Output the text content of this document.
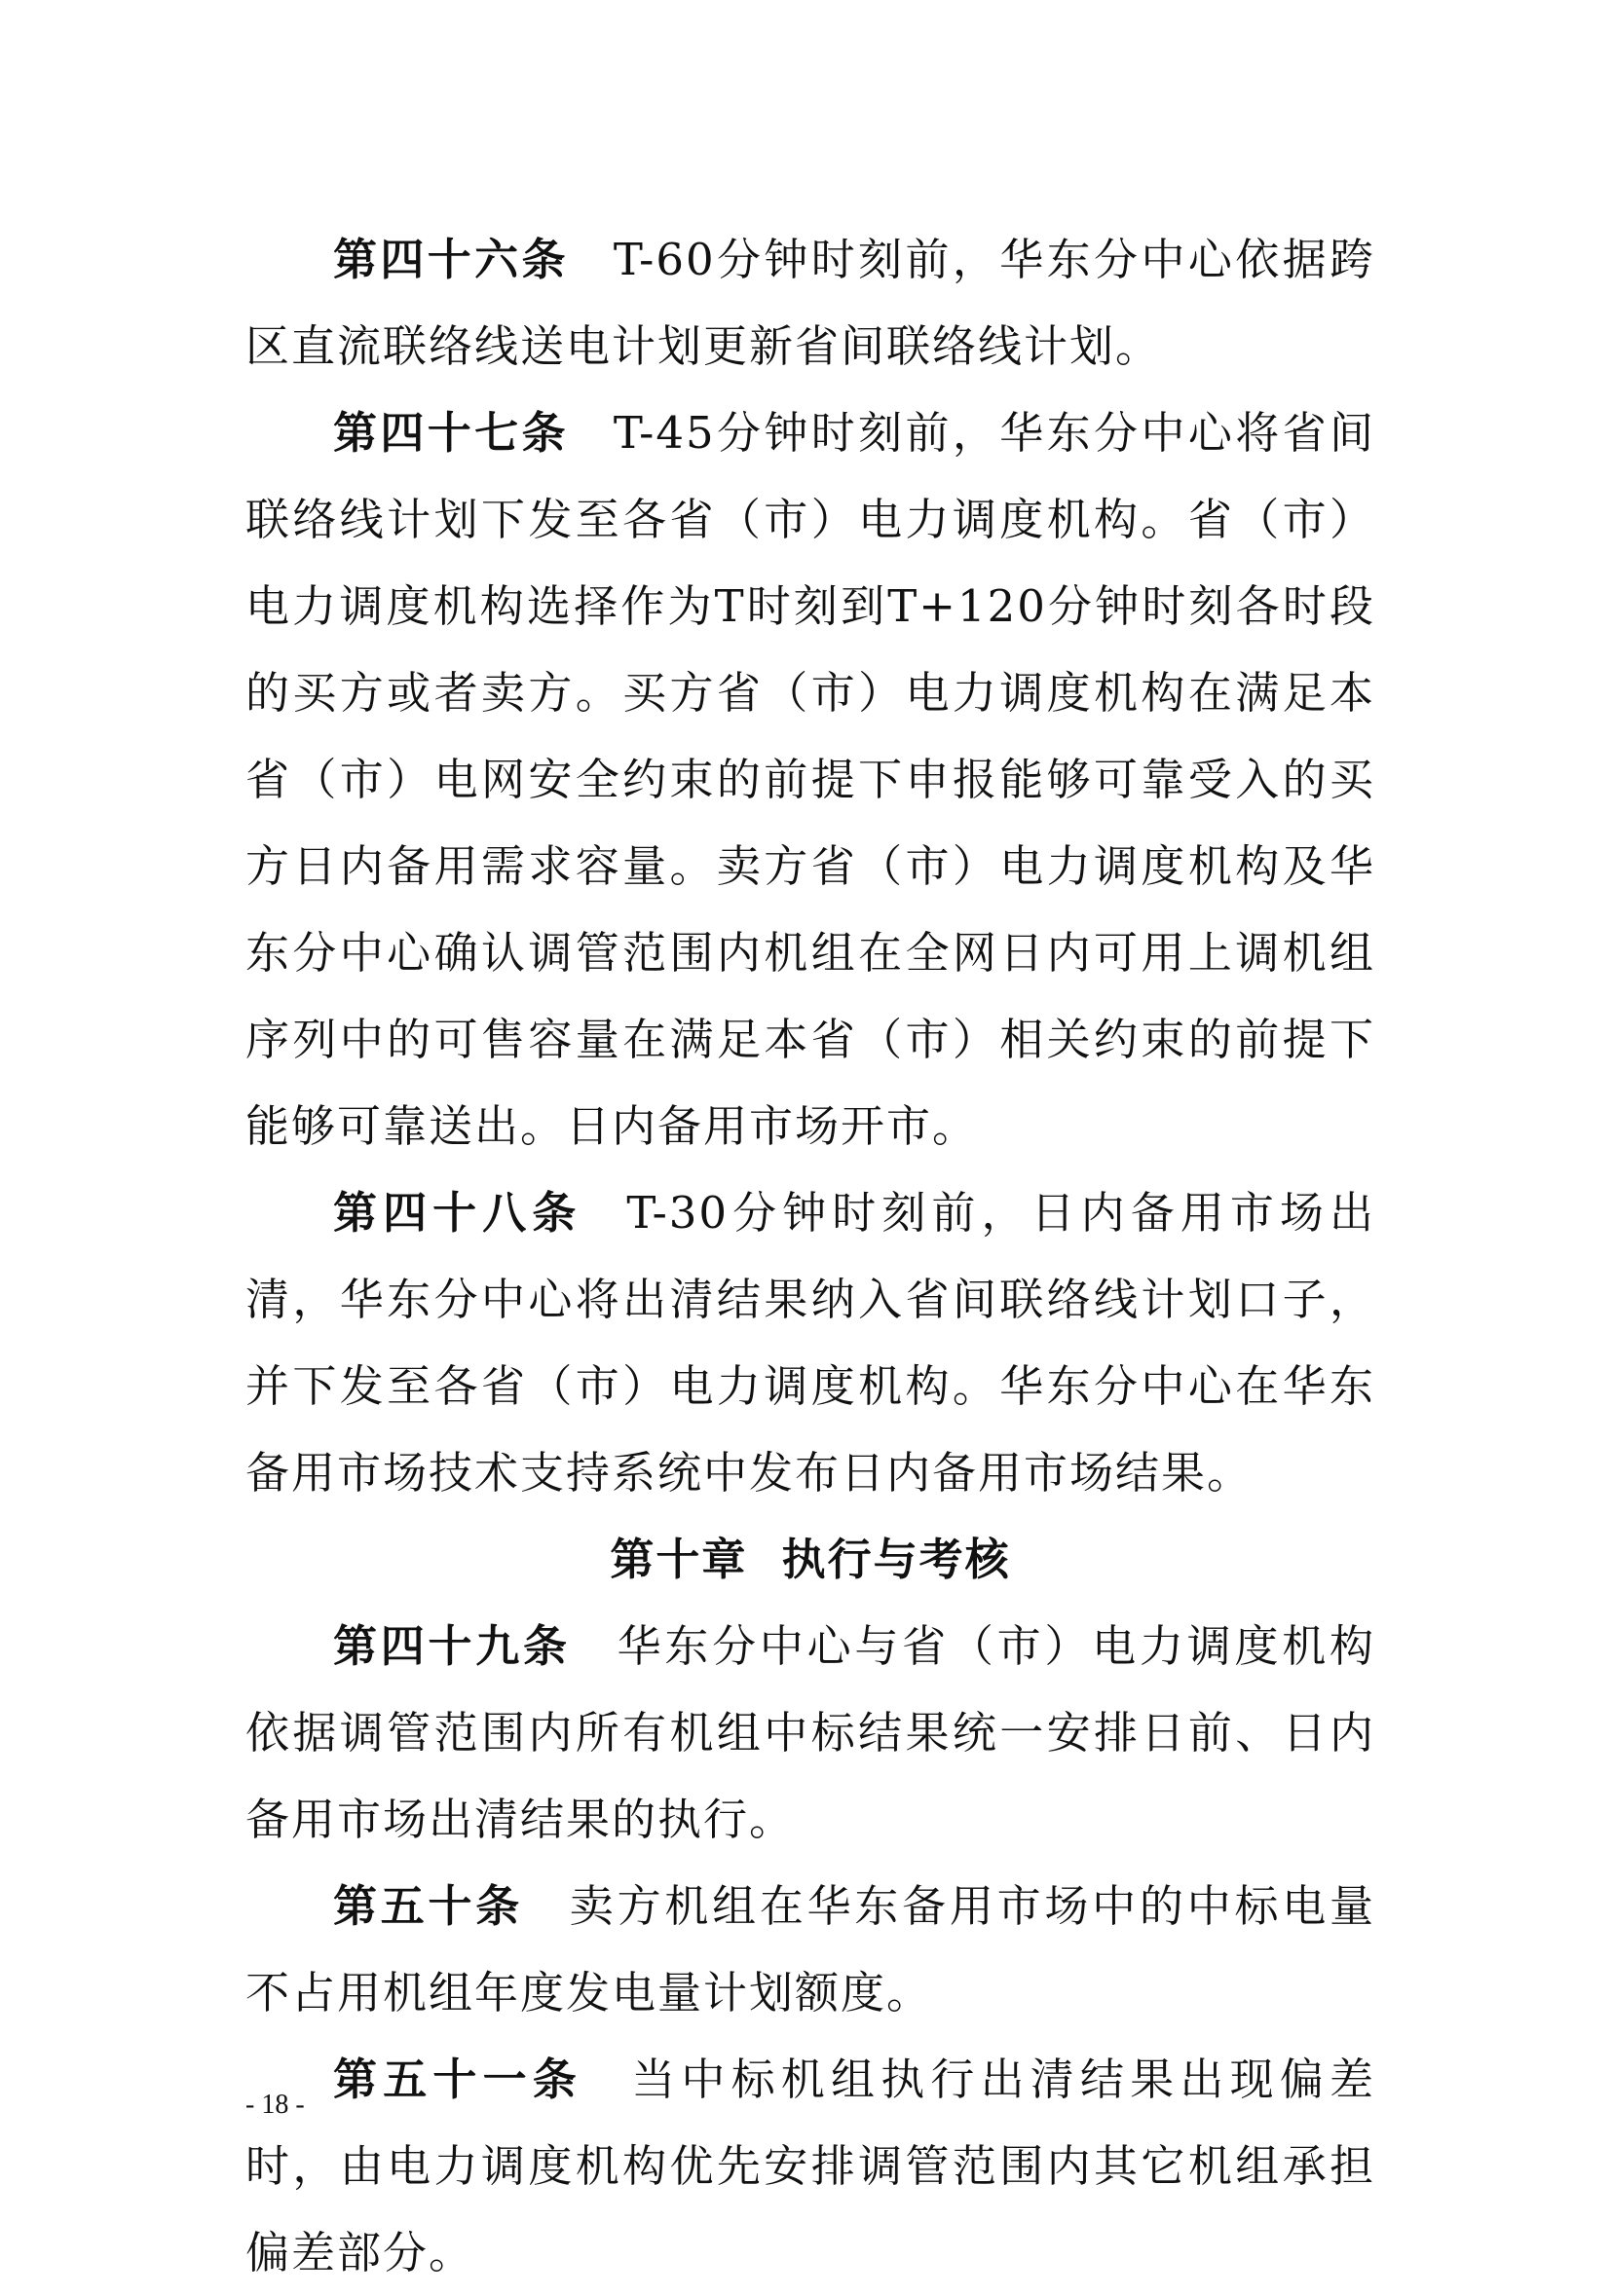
第四十六条 T-60分钟时刻前，华东分中心依据跨区直流联络线送电计划更新省间联络线计划。

第四十七条 T-45分钟时刻前，华东分中心将省间联络线计划下发至各省（市）电力调度机构。省（市）电力调度机构选择作为T时刻到T+120分钟时刻各时段的买方或者卖方。买方省（市）电力调度机构在满足本省（市）电网安全约束的前提下申报能够可靠受入的买方日内备用需求容量。卖方省（市）电力调度机构及华东分中心确认调管范围内机组在全网日内可用上调机组序列中的可售容量在满足本省（市）相关约束的前提下能够可靠送出。日内备用市场开市。

第四十八条 T-30分钟时刻前，日内备用市场出清，华东分中心将出清结果纳入省间联络线计划口子，并下发至各省（市）电力调度机构。华东分中心在华东备用市场技术支持系统中发布日内备用市场结果。

第十章  执行与考核

第四十九条 华东分中心与省（市）电力调度机构依据调管范围内所有机组中标结果统一安排日前、日内备用市场出清结果的执行。

第五十条 卖方机组在华东备用市场中的中标电量不占用机组年度发电量计划额度。

第五十一条 当中标机组执行出清结果出现偏差时，由电力调度机构优先安排调管范围内其它机组承担偏差部分。

- 18 -
